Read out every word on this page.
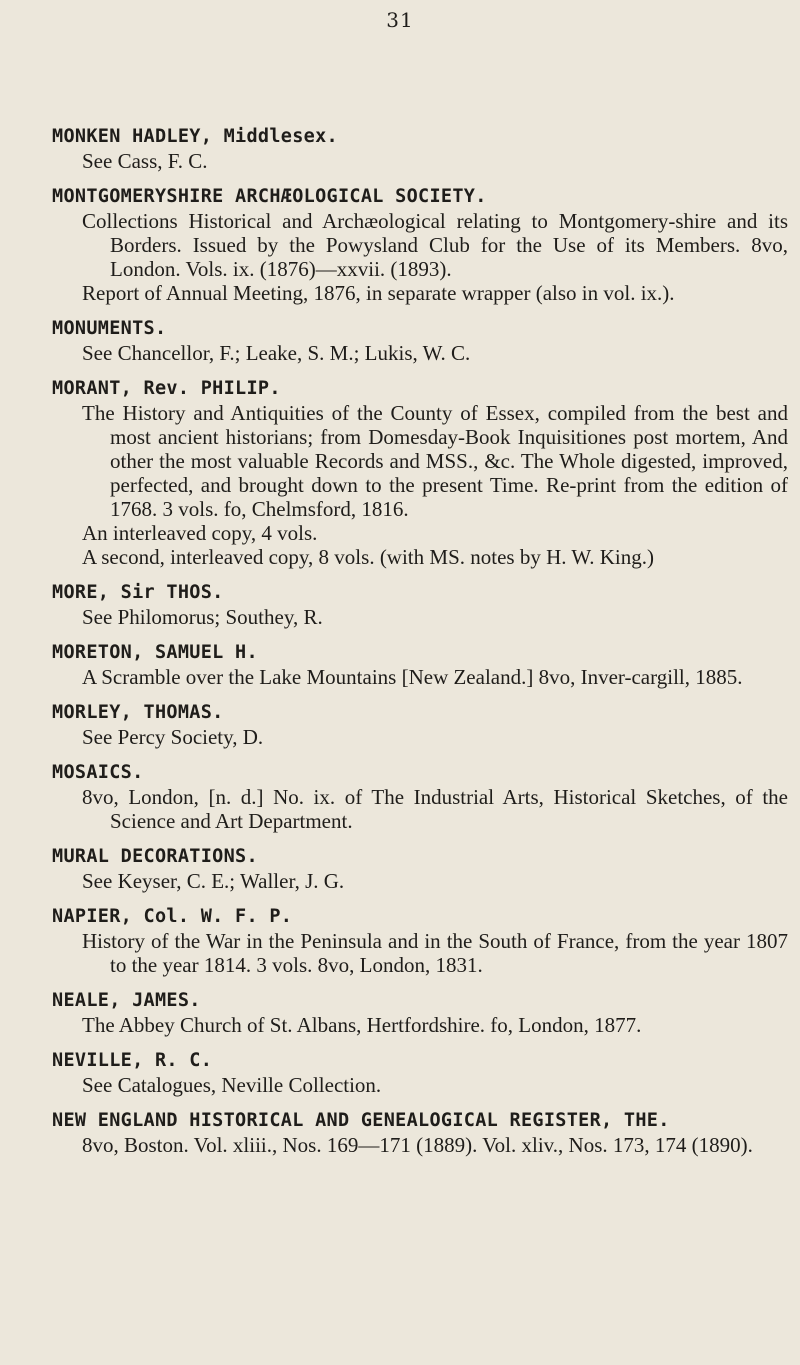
31
MONKEN HADLEY, Middlesex.
See Cass, F. C.
MONTGOMERYSHIRE ARCHÆOLOGICAL SOCIETY.
Collections Historical and Archæological relating to Montgomery-shire and its Borders. Issued by the Powysland Club for the Use of its Members. 8vo, London. Vols. ix. (1876)—xxvii. (1893).
Report of Annual Meeting, 1876, in separate wrapper (also in vol. ix.).
MONUMENTS.
See Chancellor, F.; Leake, S. M.; Lukis, W. C.
MORANT, Rev. PHILIP.
The History and Antiquities of the County of Essex, compiled from the best and most ancient historians; from Domesday-Book Inquisitiones post mortem, And other the most valuable Records and MSS., &c. The Whole digested, improved, perfected, and brought down to the present Time. Re-print from the edition of 1768. 3 vols. fo, Chelmsford, 1816.
An interleaved copy, 4 vols.
A second, interleaved copy, 8 vols. (with MS. notes by H. W. King.)
MORE, Sir THOS.
See Philomorus; Southey, R.
MORETON, SAMUEL H.
A Scramble over the Lake Mountains [New Zealand.] 8vo, Inver-cargill, 1885.
MORLEY, THOMAS.
See Percy Society, D.
MOSAICS.
8vo, London, [n. d.] No. ix. of The Industrial Arts, Historical Sketches, of the Science and Art Department.
MURAL DECORATIONS.
See Keyser, C. E.; Waller, J. G.
NAPIER, Col. W. F. P.
History of the War in the Peninsula and in the South of France, from the year 1807 to the year 1814. 3 vols. 8vo, London, 1831.
NEALE, JAMES.
The Abbey Church of St. Albans, Hertfordshire. fo, London, 1877.
NEVILLE, R. C.
See Catalogues, Neville Collection.
NEW ENGLAND HISTORICAL AND GENEALOGICAL REGISTER, THE.
8vo, Boston. Vol. xliii., Nos. 169—171 (1889). Vol. xliv., Nos. 173, 174 (1890).
